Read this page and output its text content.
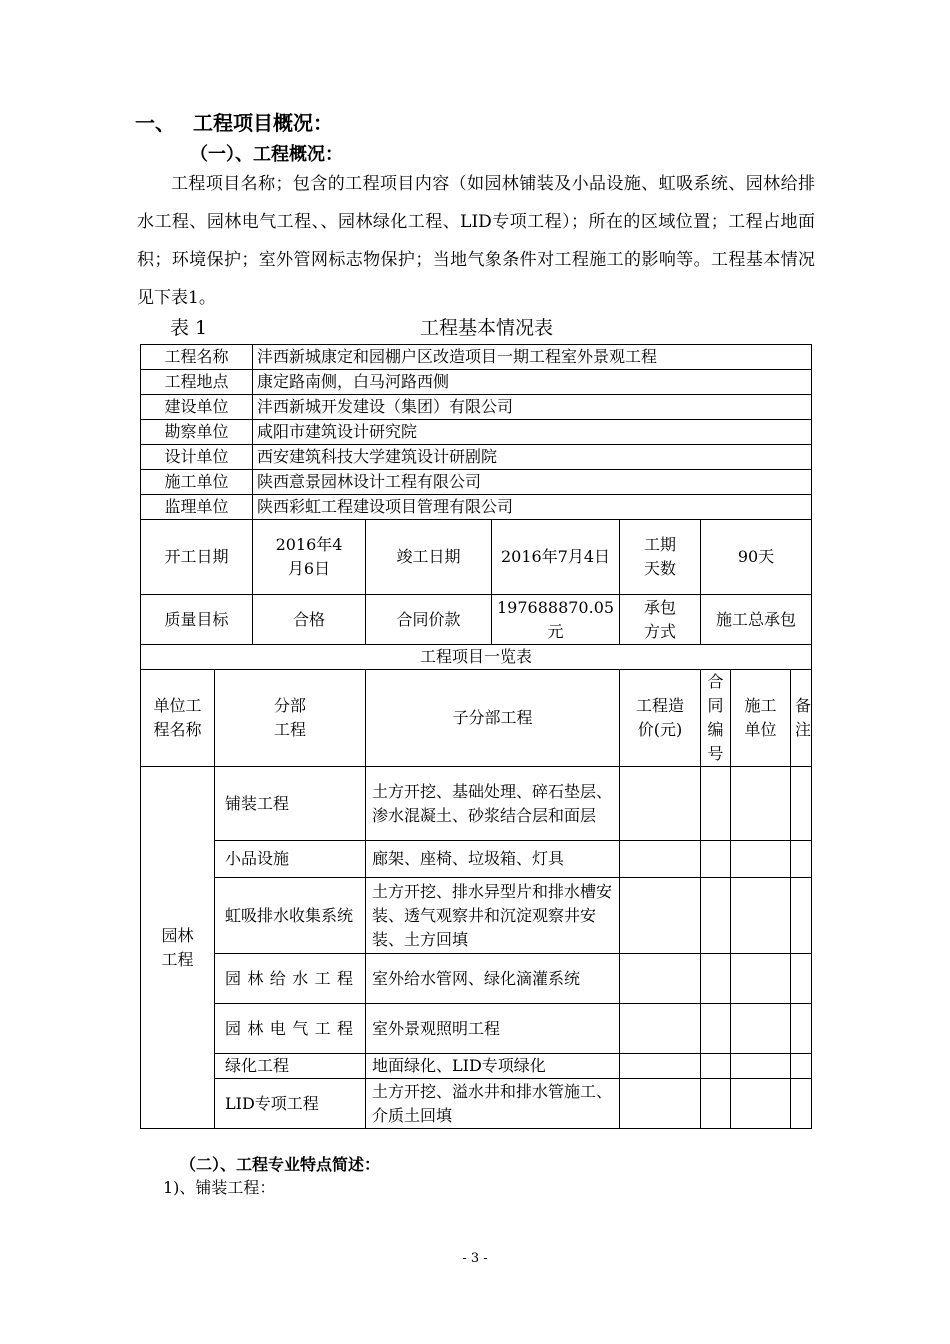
一、 工程项目概况：
（一）、工程概况：
工程项目名称；包含的工程项目内容（如园林铺装及小品设施、虹吸系统、园林给排水工程、园林电气工程、、园林绿化工程、LID专项工程）；所在的区域位置；工程占地面积；环境保护；室外管网标志物保护；当地气象条件对工程施工的影响等。工程基本情况见下表1。
表 1	工程基本情况表
工程名称		沣西新城康定和园棚户区改造项目一期工程室外景观工程						
工程地点		康定路南侧，白马河路西侧						
建设单位		沣西新城开发建设（集团）有限公司						
勘察单位		咸阳市建筑设计研究院						
设计单位		西安建筑科技大学建筑设计研剧院						
施工单位		陕西意景园林设计工程有限公司						
监理单位		陕西彩虹工程建设项目管理有限公司						
开工日期		2016年4月6日	竣工日期	2016年7月4日	工期天数	90天		
质量目标		合格	合同价款	197688870.05元	承包方式	施工总承包		
工程项目一览表								
单位工程名称	分部工程		子分部工程		工程造价(元)	合同编号	施工单位	备注
园林工程	铺装工程		土方开挖、基础处理、碎石垫层、渗水混凝土、砂浆结合层和面层					
	小品设施		廊架、座椅、垃圾箱、灯具					
	虹吸排水收集系统		土方开挖、排水异型片和排水槽安装、透气观察井和沉淀观察井安装、土方回填					
	园林给水工程		室外给水管网、绿化滴灌系统					
	园林电气工程		室外景观照明工程					
	绿化工程		地面绿化、LID专项绿化					
	LID专项工程		土方开挖、溢水井和排水管施工、介质土回填					
（二）、工程专业特点简述：
1)、铺装工程：
- 3 -
